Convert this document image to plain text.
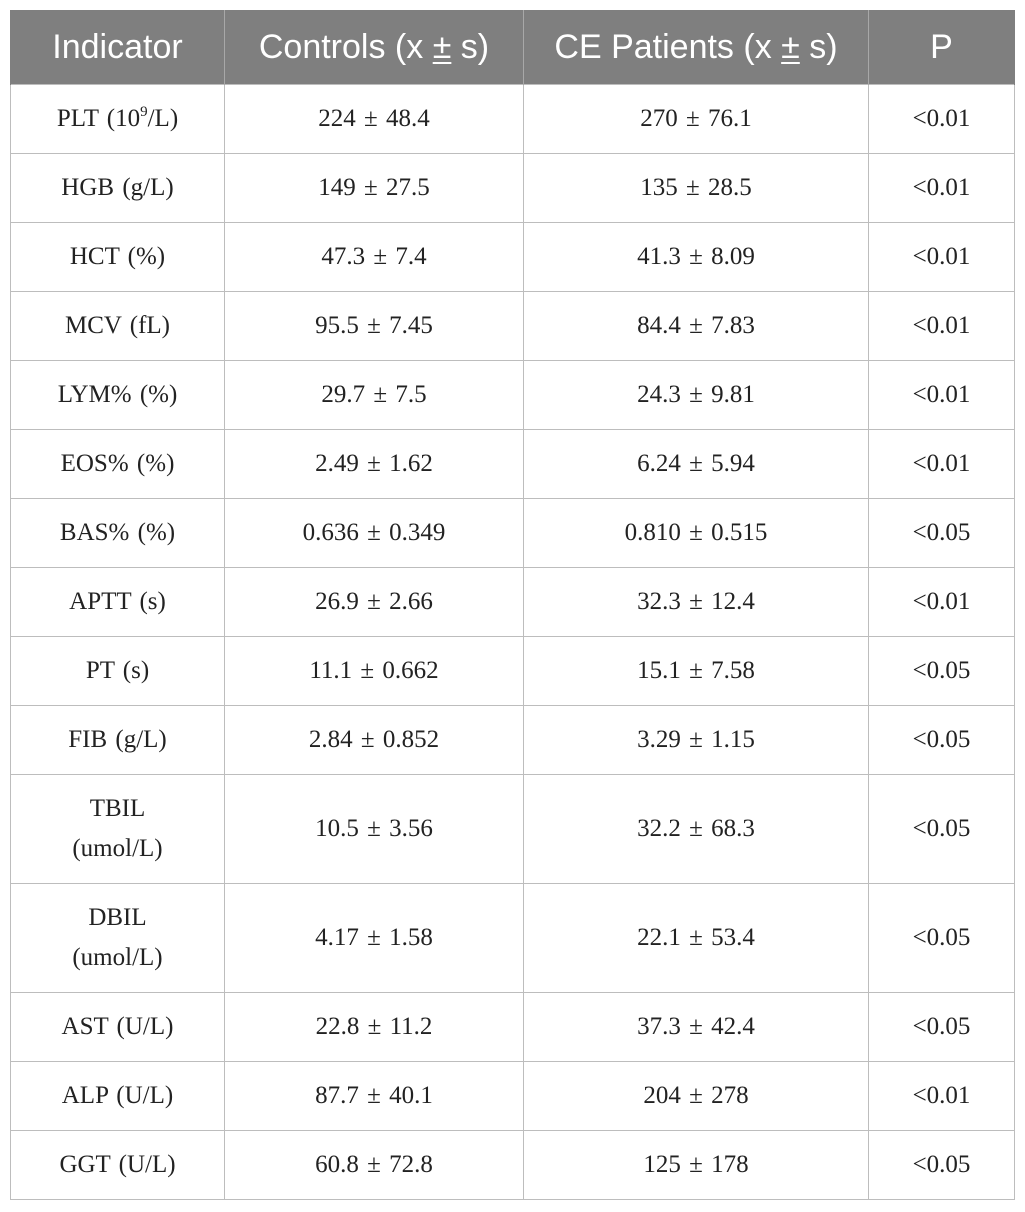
Indicator	Controls (x ± s)	CE Patients (x ± s)	P
PLT $(10^9/L)$	224 ± 48.4	270 ± 76.1	<0.01
HGB (g/L)	149 ± 27.5	135 ± 28.5	<0.01
HCT (%)	47.3 ± 7.4	41.3 ± 8.09	<0.01
MCV (fL)	95.5 ± 7.45	84.4 ± 7.83	<0.01
LYM% (%)	29.7 ± 7.5	24.3 ± 9.81	<0.01
EOS% (%)	2.49 ± 1.62	6.24 ± 5.94	<0.01
BAS% (%)	0.636 ± 0.349	0.810 ± 0.515	<0.05
APTT (s)	26.9 ± 2.66	32.3 ± 12.4	<0.01
PT (s)	11.1 ± 0.662	15.1 ± 7.58	<0.05
FIB (g/L)	2.84 ± 0.852	3.29 ± 1.15	<0.05
TBIL
(umol/L)	10.5 ± 3.56	32.2 ± 68.3	<0.05
DBIL
(umol/L)	4.17 ± 1.58	22.1 ± 53.4	<0.05
AST (U/L)	22.8 ± 11.2	37.3 ± 42.4	<0.05
ALP (U/L)	87.7 ± 40.1	204 ± 278	<0.01
GGT (U/L)	60.8 ± 72.8	125 ± 178	<0.05
